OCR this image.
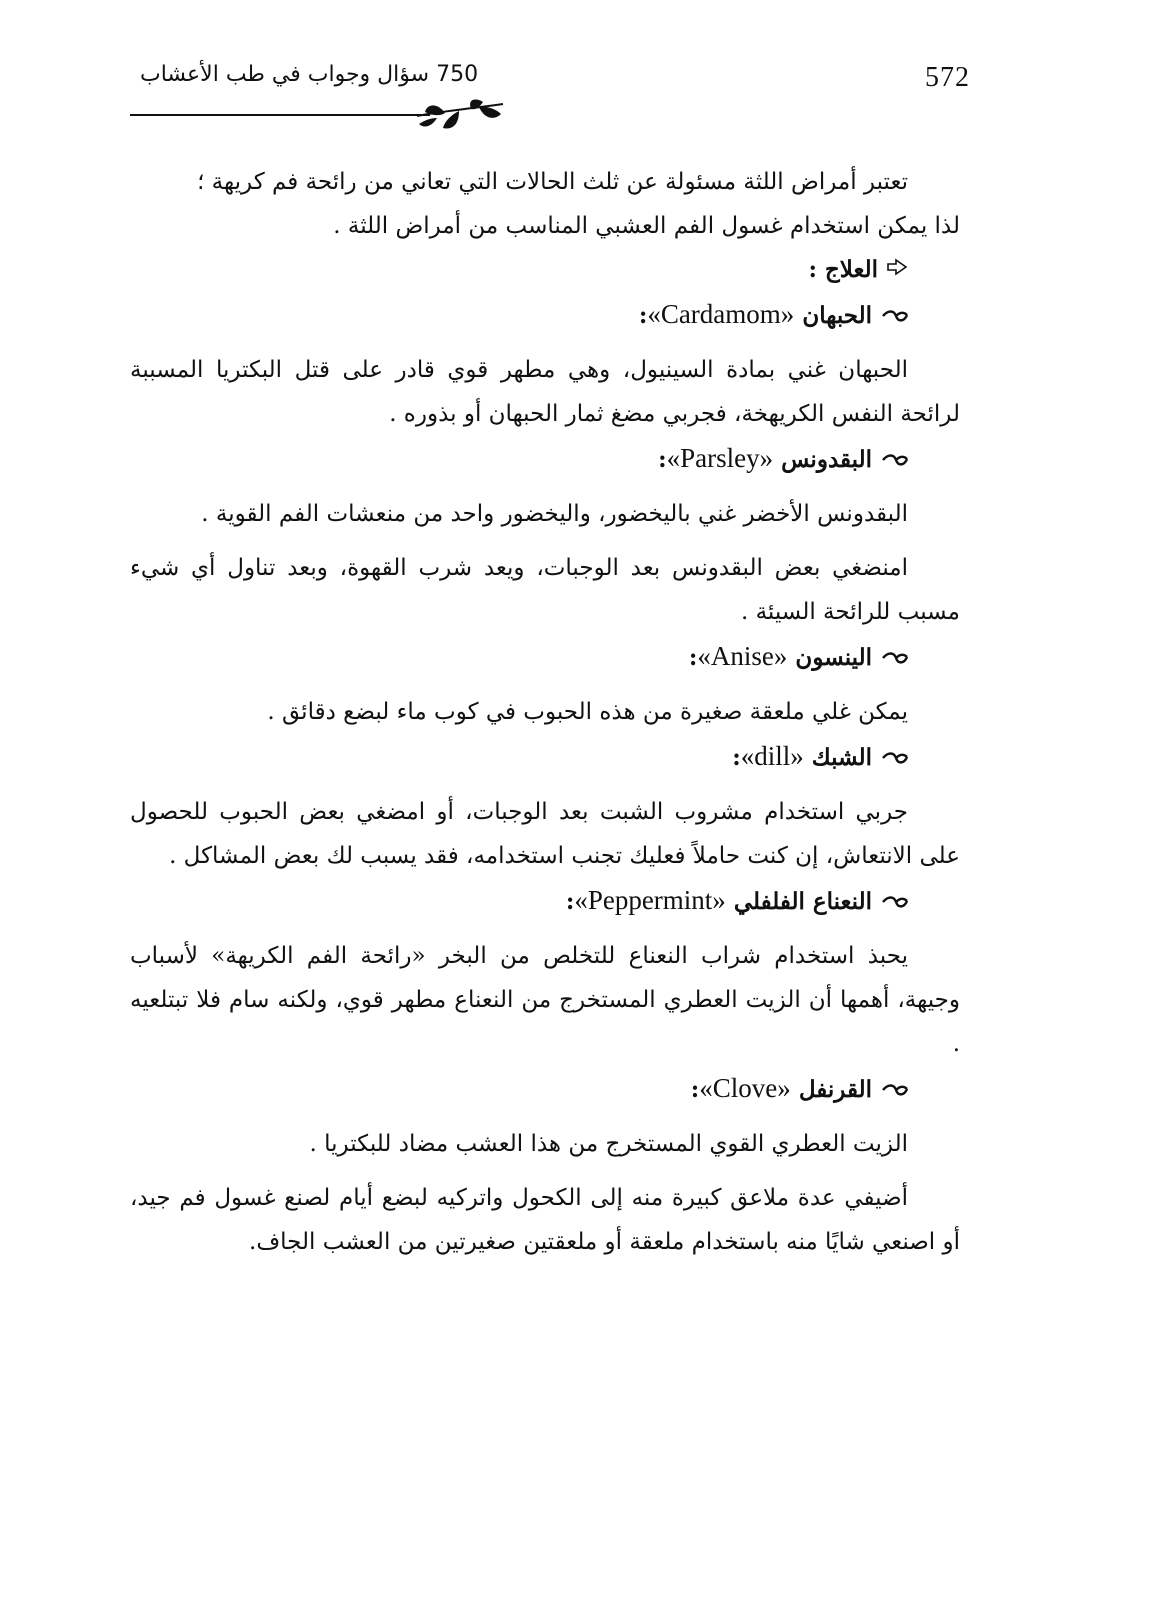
572
750 سؤال وجواب في طب الأعشاب

تعتبر أمراض اللثة مسئولة عن ثلث الحالات التي تعاني من رائحة فم كريهة ؛

لذا يمكن استخدام غسول الفم العشبي المناسب من أمراض اللثة .

العلاج :

الحبهان «Cardamom»:

الحبهان غني بمادة السينيول، وهي مطهر قوي قادر على قتل البكتريا المسببة لرائحة النفس الكريهخة، فجربي مضغ ثمار الحبهان أو بذوره .

البقدونس «Parsley»:

البقدونس الأخضر غني باليخضور، واليخضور واحد من منعشات الفم القوية .

امنضغي بعض البقدونس بعد الوجبات، ويعد شرب القهوة، وبعد تناول أي شيء مسبب للرائحة السيئة .

الينسون «Anise»:

يمكن غلي ملعقة صغيرة من هذه الحبوب في كوب ماء لبضع دقائق .

الشبك «dill»:

جربي استخدام مشروب الشبت بعد الوجبات، أو امضغي بعض الحبوب للحصول على الانتعاش، إن كنت حاملاً فعليك تجنب استخدامه، فقد يسبب لك بعض المشاكل .

النعناع الفلفلي «Peppermint»:

يحبذ استخدام شراب النعناع للتخلص من البخر «رائحة الفم الكريهة» لأسباب وجيهة، أهمها أن الزيت العطري المستخرج من النعناع مطهر قوي، ولكنه سام فلا تبتلعيه .

القرنفل «Clove»:

الزيت العطري القوي المستخرج من هذا العشب مضاد للبكتريا .

أضيفي عدة ملاعق كبيرة منه إلى الكحول واتركيه لبضع أيام لصنع غسول فم جيد، أو اصنعي شايًا منه باستخدام ملعقة أو ملعقتين صغيرتين من العشب الجاف.
